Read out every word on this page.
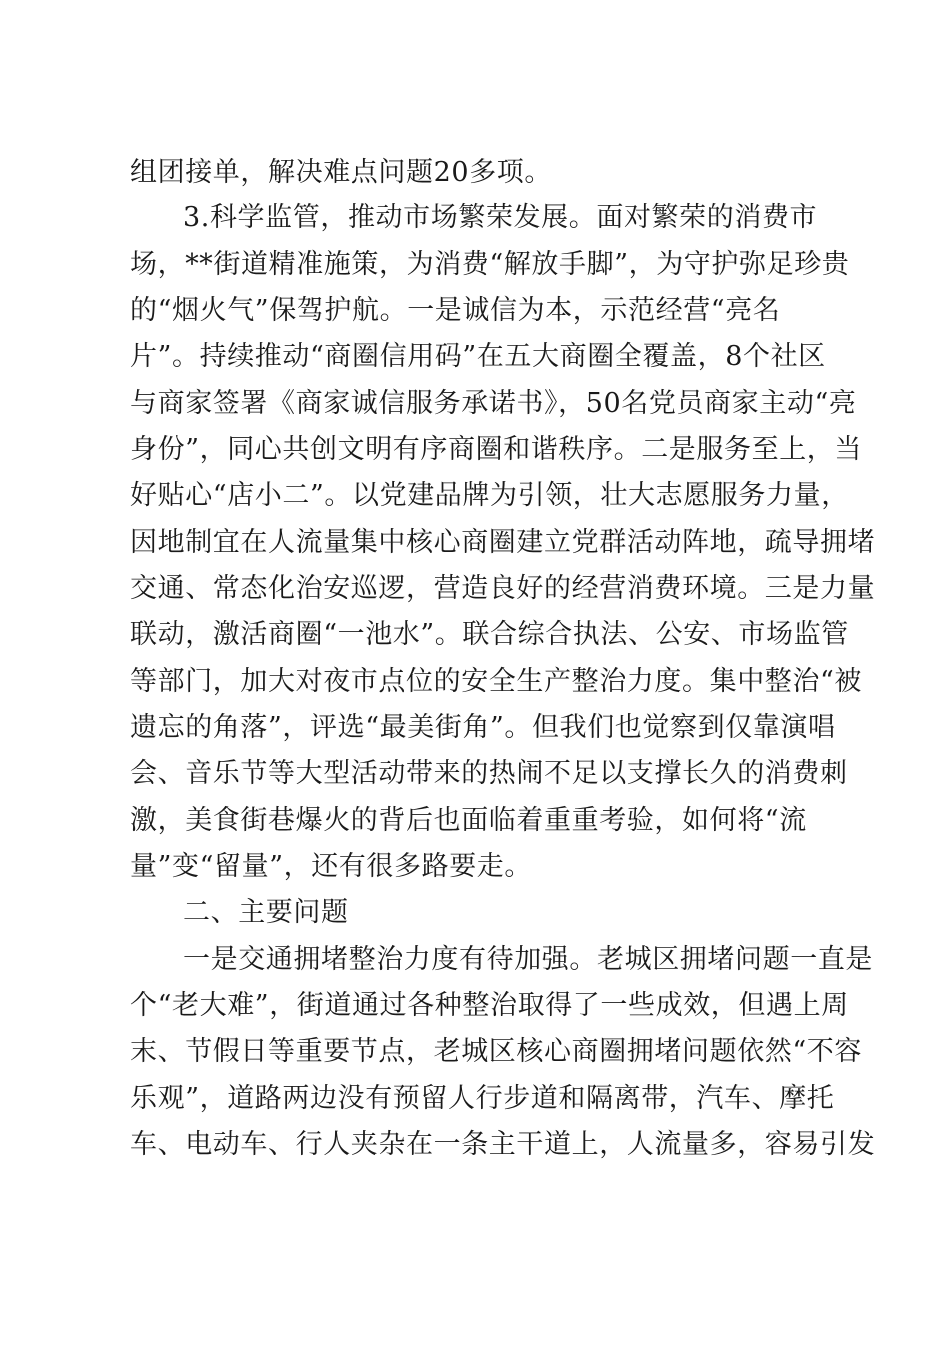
组团接单，解决难点问题20多项。

3.科学监管，推动市场繁荣发展。面对繁荣的消费市

场，**街道精准施策，为消费“解放手脚”，为守护弥足珍贵

的“烟火气”保驾护航。一是诚信为本，示范经营“亮名

片”。持续推动“商圈信用码”在五大商圈全覆盖，8个社区

与商家签署《商家诚信服务承诺书》，50名党员商家主动“亮

身份”，同心共创文明有序商圈和谐秩序。二是服务至上，当

好贴心“店小二”。以党建品牌为引领，壮大志愿服务力量，

因地制宜在人流量集中核心商圈建立党群活动阵地，疏导拥堵

交通、常态化治安巡逻，营造良好的经营消费环境。三是力量

联动，激活商圈“一池水”。联合综合执法、公安、市场监管

等部门，加大对夜市点位的安全生产整治力度。集中整治“被

遗忘的角落”，评选“最美街角”。但我们也觉察到仅靠演唱

会、音乐节等大型活动带来的热闹不足以支撑长久的消费刺

激，美食街巷爆火的背后也面临着重重考验，如何将“流

量”变“留量”，还有很多路要走。

二、主要问题

一是交通拥堵整治力度有待加强。老城区拥堵问题一直是

个“老大难”，街道通过各种整治取得了一些成效，但遇上周

末、节假日等重要节点，老城区核心商圈拥堵问题依然“不容

乐观”，道路两边没有预留人行步道和隔离带，汽车、摩托

车、电动车、行人夹杂在一条主干道上，人流量多，容易引发
